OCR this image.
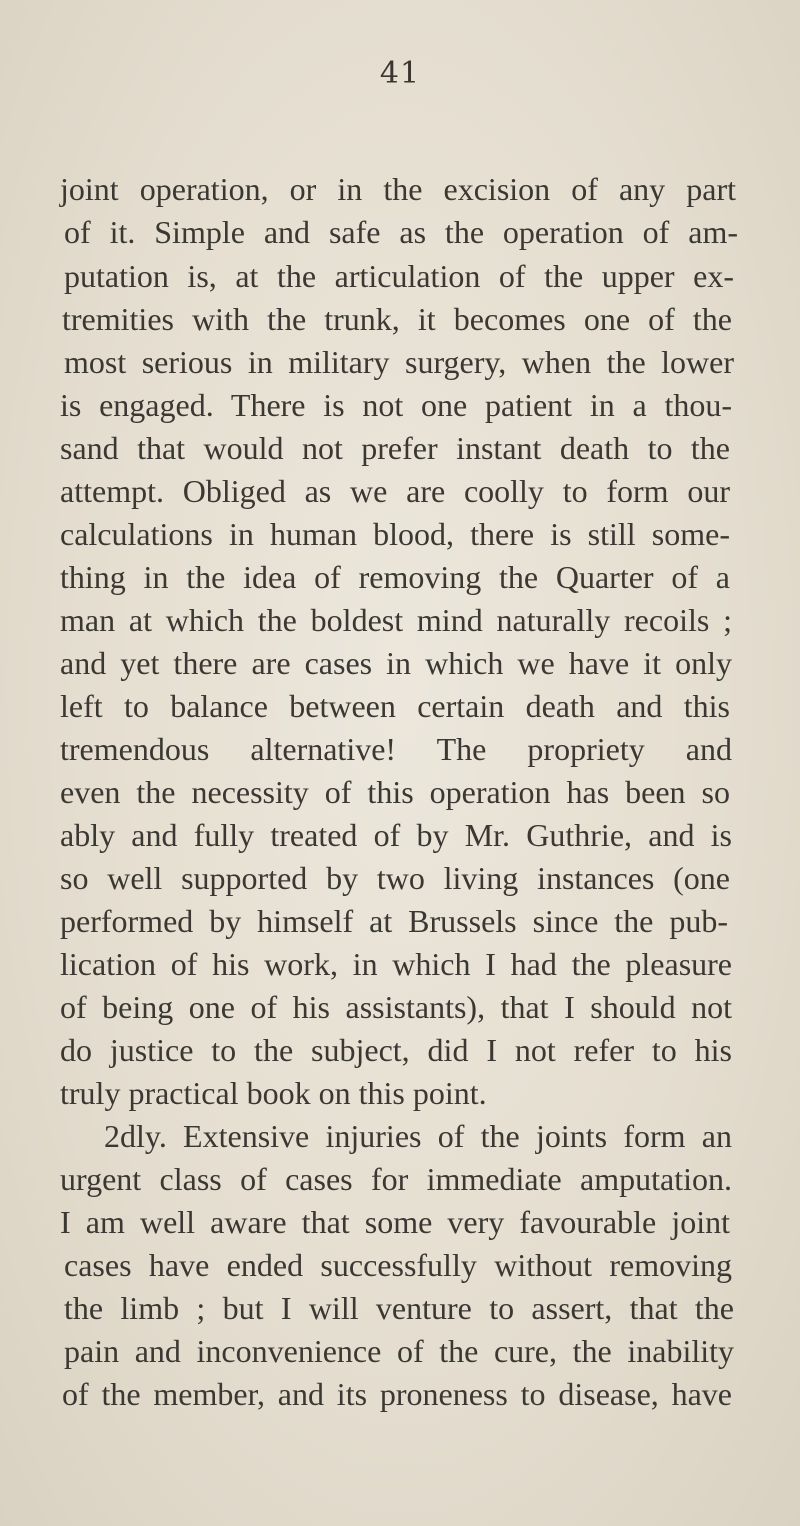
41
joint operation, or in the excision of any part
of it. Simple and safe as the operation of am-
putation is, at the articulation of the upper ex-
tremities with the trunk, it becomes one of the
most serious in military surgery, when the lower
is engaged. There is not one patient in a thou-
sand that would not prefer instant death to the
attempt. Obliged as we are coolly to form our
calculations in human blood, there is still some-
thing in the idea of removing the Quarter of a
man at which the boldest mind naturally recoils ;
and yet there are cases in which we have it only
left to balance between certain death and this
tremendous alternative! The propriety and
even the necessity of this operation has been so
ably and fully treated of by Mr. Guthrie, and is
so well supported by two living instances (one
performed by himself at Brussels since the pub-
lication of his work, in which I had the pleasure
of being one of his assistants), that I should not
do justice to the subject, did I not refer to his
truly practical book on this point.
2dly. Extensive injuries of the joints form an
urgent class of cases for immediate amputation.
I am well aware that some very favourable joint
cases have ended successfully without removing
the limb ; but I will venture to assert, that the
pain and inconvenience of the cure, the inability
of the member, and its proneness to disease, have
